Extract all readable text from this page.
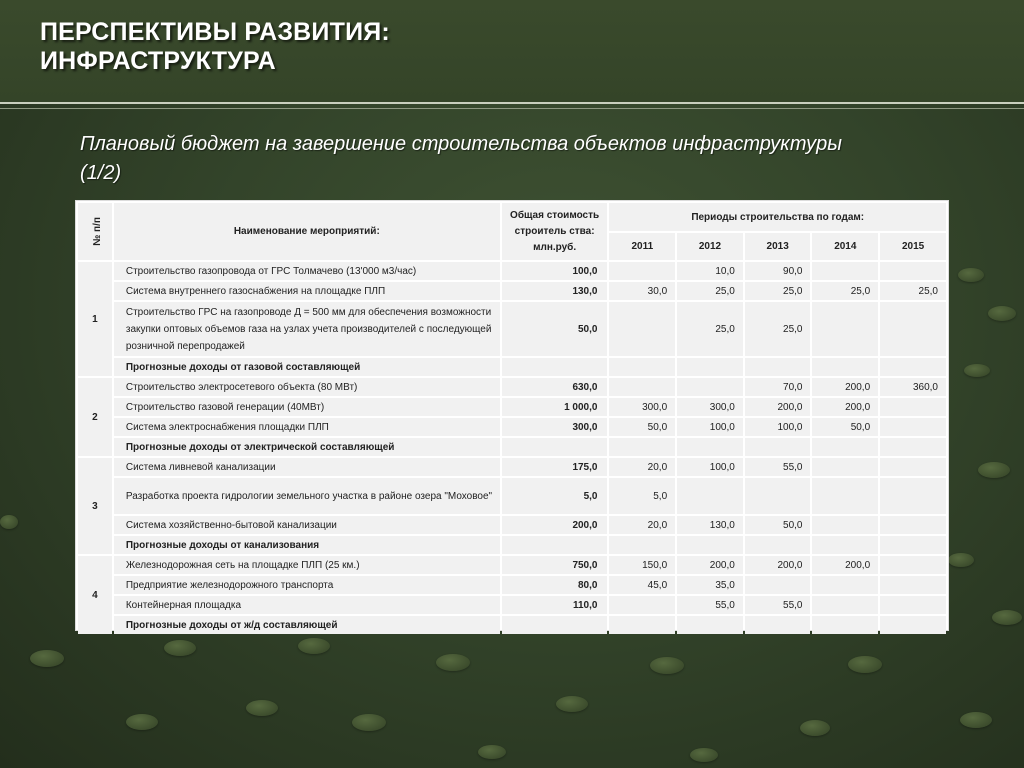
ПЕРСПЕКТИВЫ РАЗВИТИЯ:
ИНФРАСТРУКТУРА
Плановый бюджет на завершение строительства объектов инфраструктуры
(1/2)
№ п/п	Наименование мероприятий:	Общая стоимость строитель ства: млн.руб.	Периоды строительства по годам:				
			2011	2012	2013	2014	2015
1	Строительство газопровода от ГРС Толмачево (13'000 м3/час)	100,0		10,0	90,0		
	Система внутреннего газоснабжения на площадке ПЛП	130,0	30,0	25,0	25,0	25,0	25,0
	Строительство ГРС на газопроводе Д = 500 мм для обеспечения возможности закупки оптовых объемов газа на узлах учета производителей с последующей розничной перепродажей	50,0		25,0	25,0		
	Прогнозные доходы от газовой составляющей						
2	Строительство электросетевого объекта (80 МВт)	630,0			70,0	200,0	360,0
	Строительство газовой генерации (40МВт)	1 000,0	300,0	300,0	200,0	200,0	
	Система электроснабжения площадки ПЛП	300,0	50,0	100,0	100,0	50,0	
	Прогнозные доходы от электрической составляющей						
3	Система ливневой канализации	175,0	20,0	100,0	55,0		
	Разработка проекта гидрологии земельного участка в районе озера "Моховое"	5,0	5,0				
	Система хозяйственно-бытовой канализации	200,0	20,0	130,0	50,0		
	Прогнозные доходы от канализования						
4	Железнодорожная сеть на площадке ПЛП (25 км.)	750,0	150,0	200,0	200,0	200,0	
	Предприятие железнодорожного транспорта	80,0	45,0	35,0			
	Контейнерная площадка	110,0		55,0	55,0		
	Прогнозные доходы от ж/д составляющей						
